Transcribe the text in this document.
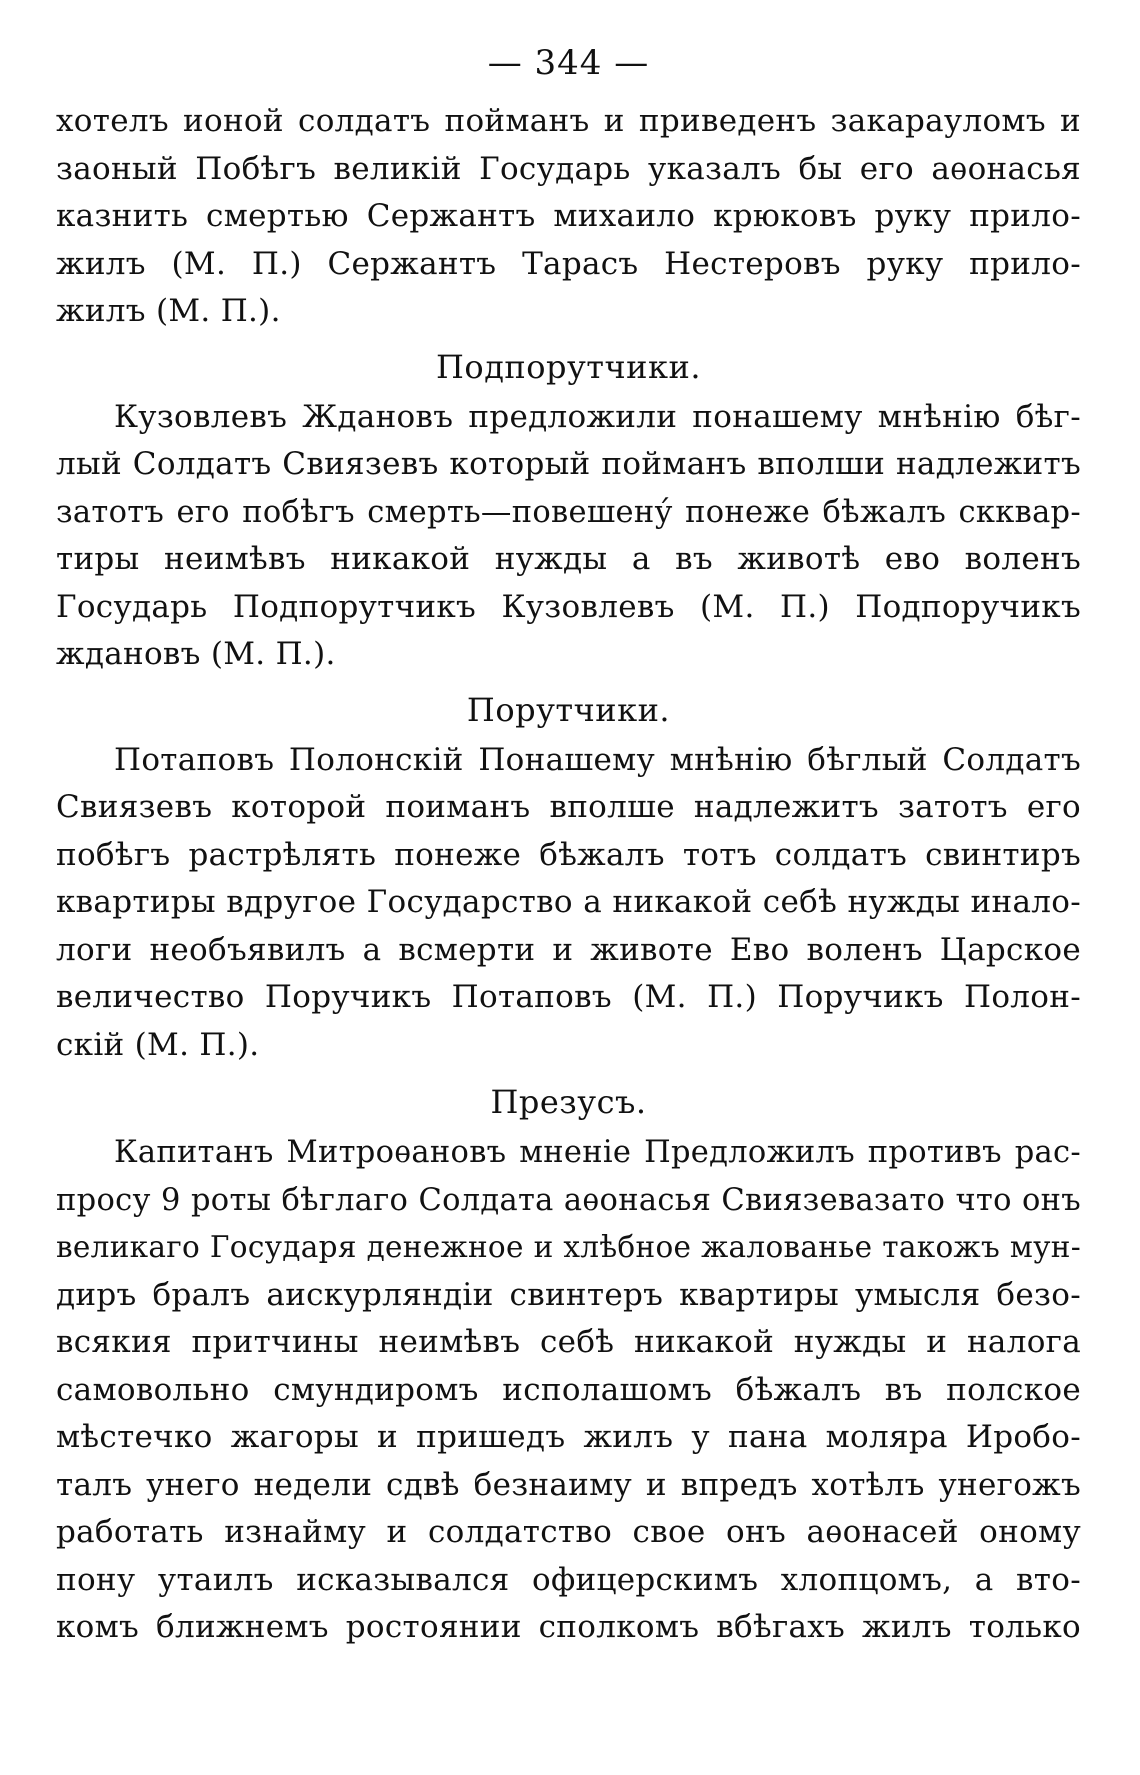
— 344 —
хотелъ ионой солдатъ пойманъ и приведенъ закарауломъ и
заоный Побѣгъ великій Государь указалъ бы его аѳонасья
казнить смертью Сержантъ михаило крюковъ руку прило-
жилъ (М. П.) Сержантъ Тарасъ Нестеровъ руку прило-
жилъ (М. П.).
Подпорутчики.
Кузовлевъ Ждановъ предложили понашему мнѣнію бѣг-
лый Солдатъ Свиязевъ который пойманъ вполши надлежитъ
затотъ его побѣгъ смерть—повешену́ понеже бѣжалъ скквар-
тиры неимѣвъ никакой нужды а въ животѣ ево воленъ
Государь Подпорутчикъ Кузовлевъ (М. П.) Подпоручикъ
ждановъ (М. П.).
Порутчики.
Потаповъ Полонскій Понашему мнѣнію бѣглый Солдатъ
Свиязевъ которой поиманъ вполше надлежитъ затотъ его
побѣгъ растрѣлять понеже бѣжалъ тотъ солдатъ свинтиръ
квартиры вдругое Государство а никакой себѣ нужды инало-
логи необъявилъ а всмерти и животе Ево воленъ Царское
величество Поручикъ Потаповъ (М. П.) Поручикъ Полон-
скій (М. П.).
Презусъ.
Капитанъ Митроѳановъ мненіе Предложилъ противъ рас-
просу 9 роты бѣглаго Солдата аѳонасья Свиязевазато что онъ
великаго Государя денежное и хлѣбное жалованье такожъ мун-
диръ бралъ аискурляндіи свинтеръ квартиры умысля безо-
всякия притчины неимѣвъ себѣ никакой нужды и налога
самовольно смундиромъ исполашомъ бѣжалъ въ полское
мѣстечко жагоры и пришедъ жилъ у пана моляра Иробо-
талъ унего недели сдвѣ безнаиму и впредъ хотѣлъ унегожъ
работать изнайму и солдатство свое онъ аѳонасей оному
пону утаилъ исказывался офицерскимъ хлопцомъ, а вто-
комъ ближнемъ ростоянии сполкомъ вбѣгахъ жилъ только
